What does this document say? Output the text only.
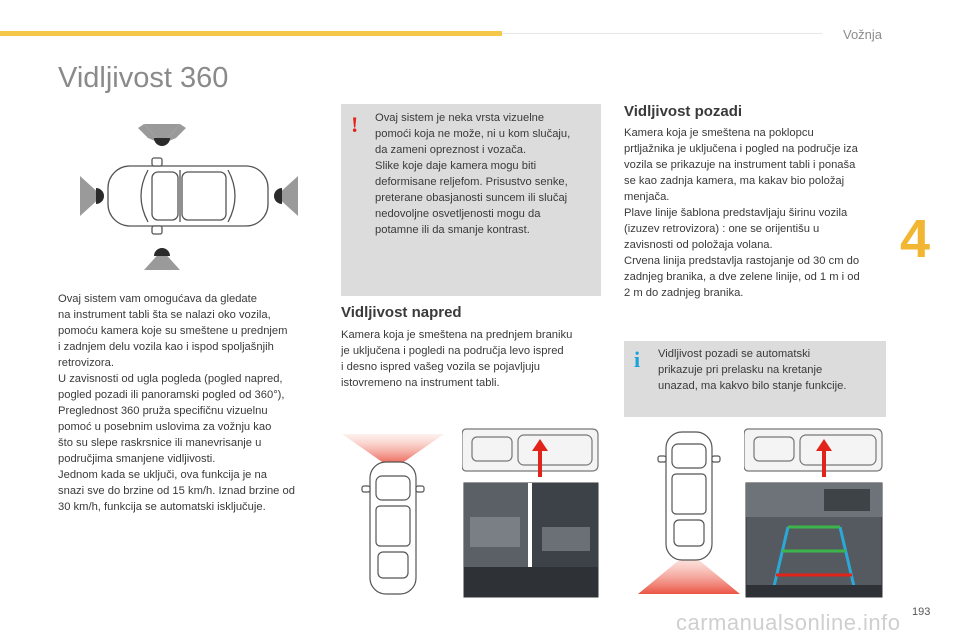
Vožnja
4
Vidljivost 360

Ovaj sistem vam omogućava da gledate
na instrument tabli šta se nalazi oko vozila,
pomoću kamera koje su smeštene u prednjem
i zadnjem delu vozila kao i ispod spoljašnjih
retrovizora.
U zavisnosti od ugla pogleda (pogled napred,
pogled pozadi ili panoramski pogled od 360°),
Preglednost 360 pruža specifičnu vizuelnu
pomoć u posebnim uslovima za vožnju kao
što su slepe raskrsnice ili manevrisanje u
područjima smanjene vidljivosti.
Jednom kada se uključi, ova funkcija je na
snazi sve do brzine od 15 km/h. Iznad brzine od
30 km/h, funkcija se automatski isključuje.

! Ovaj sistem je neka vrsta vizuelne
pomoći koja ne može, ni u kom slučaju,
da zameni opreznost i vozača.
Slike koje daje kamera mogu biti
deformisane reljefom. Prisustvo senke,
preterane obasjanosti suncem ili slučaj
nedovoljne osvetljenosti mogu da
potamne ili da smanje kontrast.

Vidljivost napred

Kamera koja je smeštena na prednjem braniku
je uključena i pogledi na područja levo ispred
i desno ispred vašeg vozila se pojavljuju
istovremeno na instrument tabli.

Vidljivost pozadi

Kamera koja je smeštena na poklopcu
prtljažnika je uključena i pogled na područje iza
vozila se prikazuje na instrument tabli i ponaša
se kao zadnja kamera, ma kakav bio položaj
menjača.
Plave linije šablona predstavljaju širinu vozila
(izuzev retrovizora) : one se orijentišu u
zavisnosti od položaja volana.
Crvena linija predstavlja rastojanje od 30 cm do
zadnjeg branika, a dve zelene linije, od 1 m i od
2 m do zadnjeg branika.

i Vidljivost pozadi se automatski
prikazuje pri prelasku na kretanje
unazad, ma kakvo bilo stanje funkcije.

193
carmanualsonline.info
